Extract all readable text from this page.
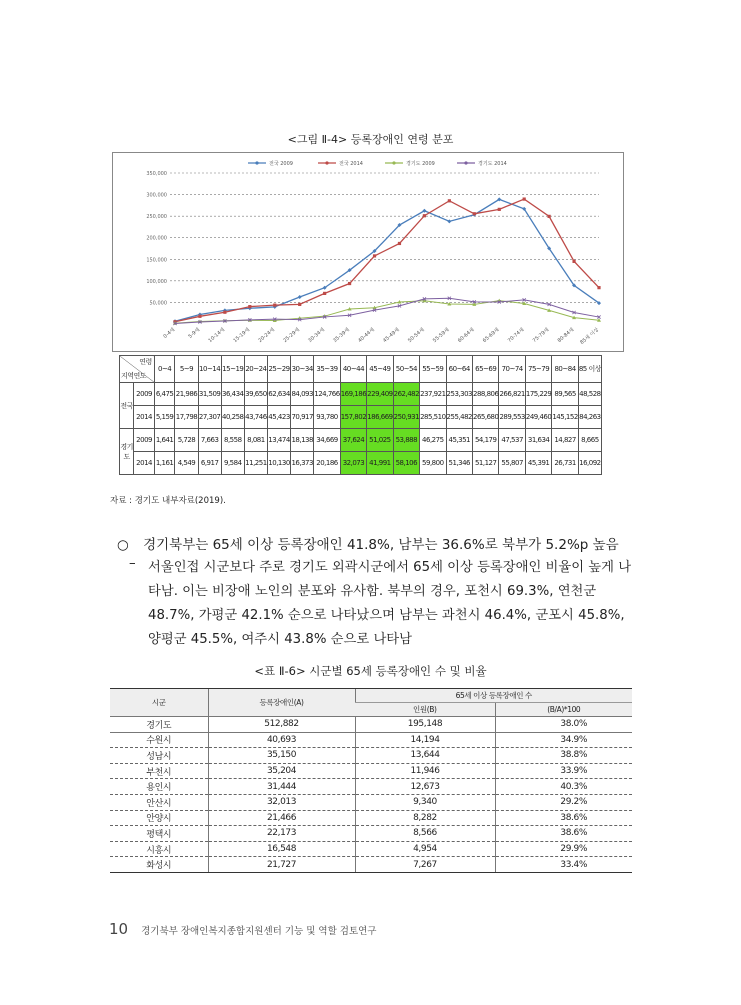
<그림 Ⅱ-4> 등록장애인 연령 분포
350,000
300,000
250,000
200,000
150,000
100,000
50,000
0-4세 5-9세 10-14세 15-19세 20-24세 25-29세 30-34세 35-39세 40-44세 45-49세 50-54세 55-59세 60-64세 65-69세 70-74세 75-79세 80-84세 85세 이상
전국 2009	전국 2014	경기도 2009	경기도 2014
연령
지역연도		0~4	5~9	10~14	15~19	20~24	25~29	30~34	35~39	40~44	45~49	50~54	55~59	60~64	65~69	70~74	75~79	80~84	85 이상
전국	2009	6,475	21,986	31,509	36,434	39,650	62,634	84,093	124,766	169,186	229,409	262,482	237,921	253,303	288,806	266,821	175,229	89,565	48,528
	2014	5,159	17,798	27,307	40,258	43,746	45,423	70,917	93,780	157,802	186,669	250,931	285,510	255,482	265,680	289,553	249,460	145,152	84,263
경기도	2009	1,641	5,728	7,663	8,558	8,081	13,474	18,138	34,669	37,624	51,025	53,888	46,275	45,351	54,179	47,537	31,634	14,827	8,665
	2014	1,161	4,549	6,917	9,584	11,251	10,130	16,373	20,186	32,073	41,991	58,106	59,800	51,346	51,127	55,807	45,391	26,731	16,092
자료 : 경기도 내부자료(2019).
○ 경기북부는 65세 이상 등록장애인 41.8%, 남부는 36.6%로 북부가 5.2%p 높음
– 서울인접 시군보다 주로 경기도 외곽시군에서 65세 이상 등록장애인 비율이 높게 나타남. 이는 비장애 노인의 분포와 유사함. 북부의 경우, 포천시 69.3%, 연천군 48.7%, 가평군 42.1% 순으로 나타났으며 남부는 과천시 46.4%, 군포시 45.8%, 양평군 45.5%, 여주시 43.8% 순으로 나타남
<표 Ⅱ-6> 시군별 65세 등록장애인 수 및 비율
시군	등록장애인(A)	65세 이상 등록장애인 수	
		인원(B)	(B/A)*100
경기도	512,882	195,148	38.0%
수원시	40,693	14,194	34.9%
성남시	35,150	13,644	38.8%
부천시	35,204	11,946	33.9%
용인시	31,444	12,673	40.3%
안산시	32,013	9,340	29.2%
안양시	21,466	8,282	38.6%
평택시	22,173	8,566	38.6%
시흥시	16,548	4,954	29.9%
화성시	21,727	7,267	33.4%
10 경기북부 장애인복지종합지원센터 기능 및 역할 검토연구
